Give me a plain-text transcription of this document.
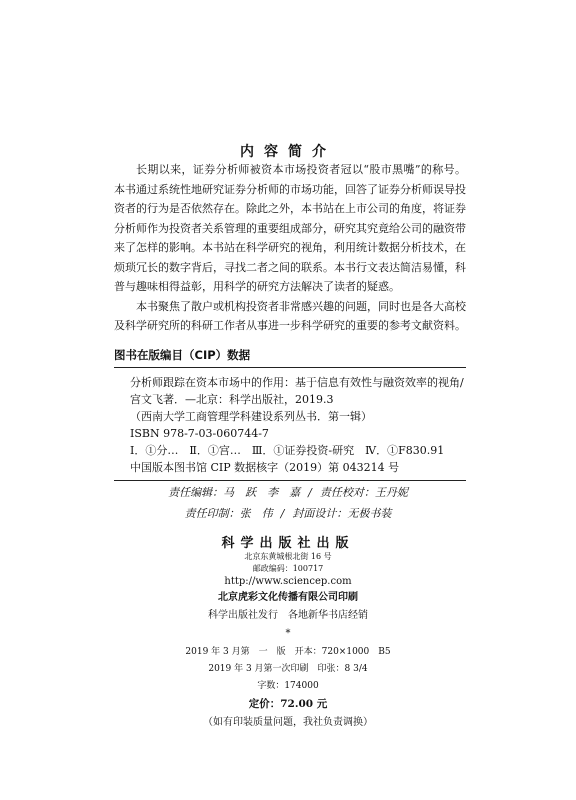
内容简介

长期以来，证券分析师被资本市场投资者冠以“股市黑嘴”的称号。本书通过系统性地研究证券分析师的市场功能，回答了证券分析师误导投资者的行为是否依然存在。除此之外，本书站在上市公司的角度，将证券分析师作为投资者关系管理的重要组成部分，研究其究竟给公司的融资带来了怎样的影响。本书站在科学研究的视角，利用统计数据分析技术，在烦琐冗长的数字背后，寻找二者之间的联系。本书行文表达简洁易懂，科普与趣味相得益彰，用科学的研究方法解决了读者的疑惑。

本书聚焦了散户或机构投资者非常感兴趣的问题，同时也是各大高校及科学研究所的科研工作者从事进一步科学研究的重要的参考文献资料。

图书在版编目（CIP）数据
分析师跟踪在资本市场中的作用：基于信息有效性与融资效率的视角/宫文飞著．—北京：科学出版社，2019.3
（西南大学工商管理学科建设系列丛书．第一辑）
ISBN 978-7-03-060744-7
Ⅰ．①分…　Ⅱ．①宫…　Ⅲ．①证券投资-研究　Ⅳ．①F830.91
中国版本图书馆 CIP 数据核字（2019）第 043214 号
责任编辑：马　跃　李　嘉 / 责任校对：王丹妮
责任印制：张　伟 / 封面设计：无极书装
科学出版社出版
北京东黄城根北街 16 号
邮政编码：100717
http://www.sciencep.com
北京虎彩文化传播有限公司印刷
科学出版社发行　各地新华书店经销
*
2019 年 3 月第　一　版　开本：720×1000　B5
2019 年 3 月第一次印刷　印张：8 3/4
字数：174000
定价：72.00 元
（如有印装质量问题，我社负责调换）
